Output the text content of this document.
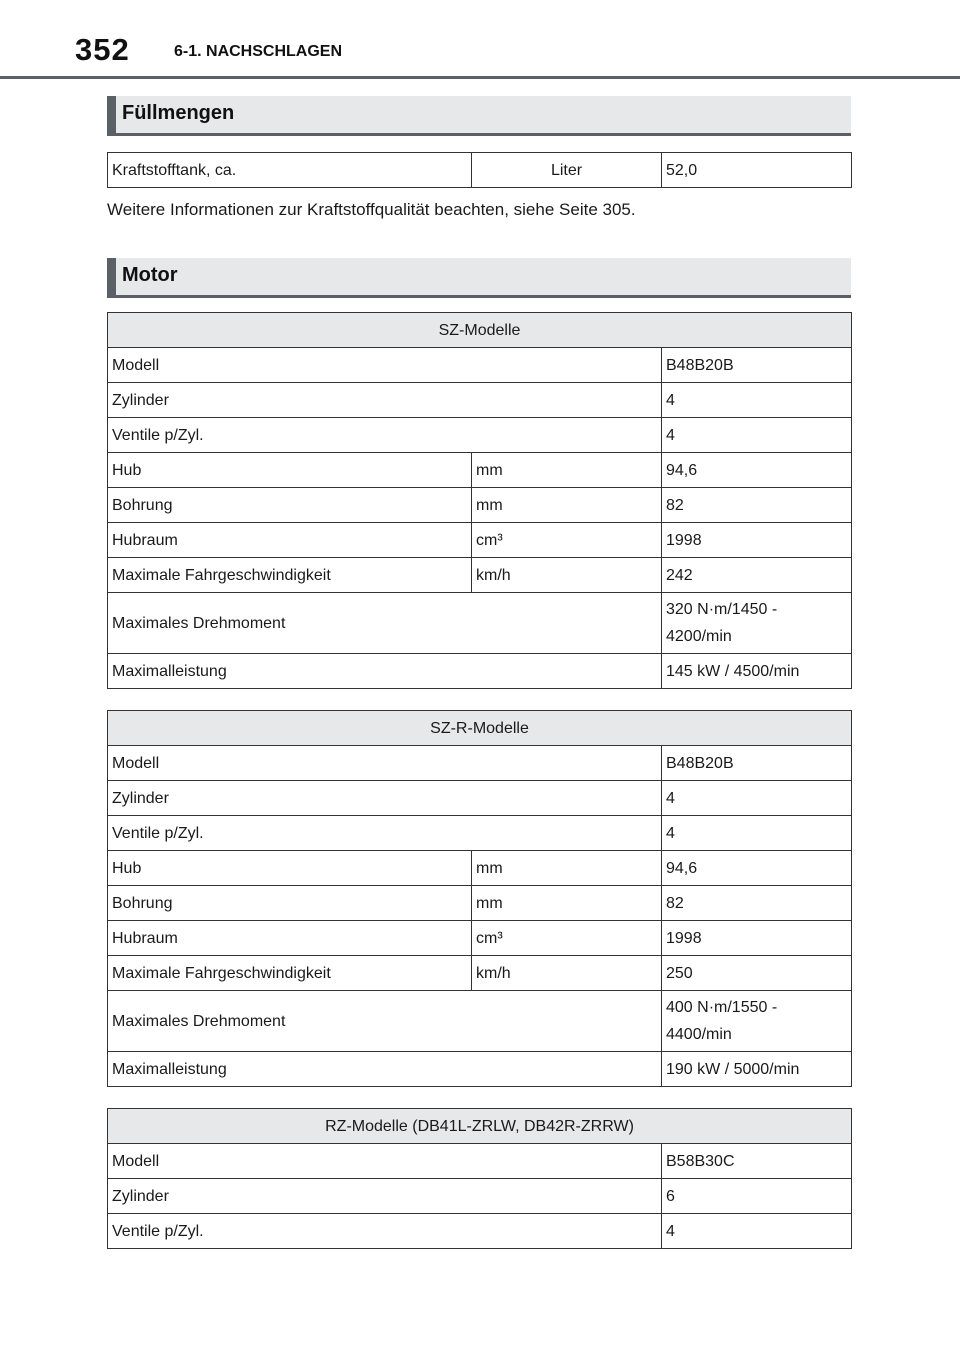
352	6-1. NACHSCHLAGEN
Füllmengen
Kraftstofftank, ca.	Liter	52,0
Weitere Informationen zur Kraftstoffqualität beachten, siehe Seite 305.
Motor
SZ-Modelle		
Modell		B48B20B
Zylinder		4
Ventile p/Zyl.		4
Hub	mm	94,6
Bohrung	mm	82
Hubraum	cm³	1998
Maximale Fahrgeschwindigkeit	km/h	242
Maximales Drehmoment		320 N·m/1450 -
4200/min

Maximalleistung		145 kW / 4500/min
SZ-R-Modelle		
Modell		B48B20B
Zylinder		4
Ventile p/Zyl.		4
Hub	mm	94,6
Bohrung	mm	82
Hubraum	cm³	1998
Maximale Fahrgeschwindigkeit	km/h	250
Maximales Drehmoment		400 N·m/1550 -
4400/min

Maximalleistung		190 kW / 5000/min
RZ-Modelle (DB41L-ZRLW, DB42R-ZRRW)	
Modell	B58B30C
Zylinder	6
Ventile p/Zyl.	4
